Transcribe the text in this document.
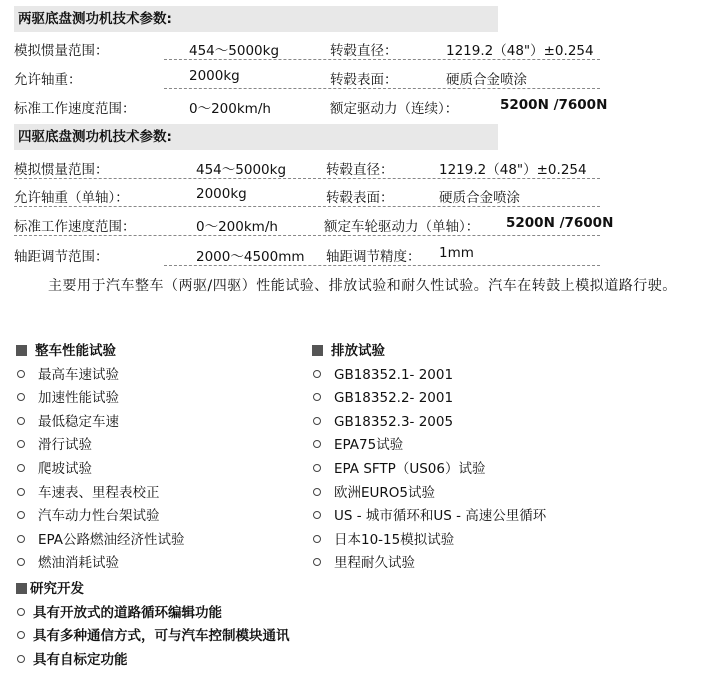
两驱底盘测功机技术参数:
模拟惯量范围：	454～5000kg	转毂直径：	1219.2（48"）±0.254
允许轴重：	2000kg	转毂表面：	硬质合金喷涂
标准工作速度范围：	0～200km/h	额定驱动力（连续）：	5200N /7600N
四驱底盘测功机技术参数:
模拟惯量范围：	454～5000kg	转毂直径：	1219.2（48"）±0.254
允许轴重（单轴）：	2000kg	转毂表面：	硬质合金喷涂
标准工作速度范围：	0～200km/h	额定车轮驱动力（单轴）： 5200N /7600N
轴距调节范围：	2000～4500mm 轴距调节精度： 1mm
主要用于汽车整车（两驱/四驱）性能试验、排放试验和耐久性试验。汽车在转鼓上模拟道路行驶。
整车性能试验
最高车速试验
加速性能试验
最低稳定车速
滑行试验
爬坡试验
车速表、里程表校正
汽车动力性台架试验
EPA公路燃油经济性试验
燃油消耗试验
排放试验
GB18352.1- 2001
GB18352.2- 2001
GB18352.3- 2005
EPA75试验
EPA SFTP（US06）试验
欧洲EURO5试验
US - 城市循环和US - 高速公里循环
日本10-15模拟试验
里程耐久试验
研究开发
具有开放式的道路循环编辑功能
具有多种通信方式，可与汽车控制模块通讯
具有自标定功能
